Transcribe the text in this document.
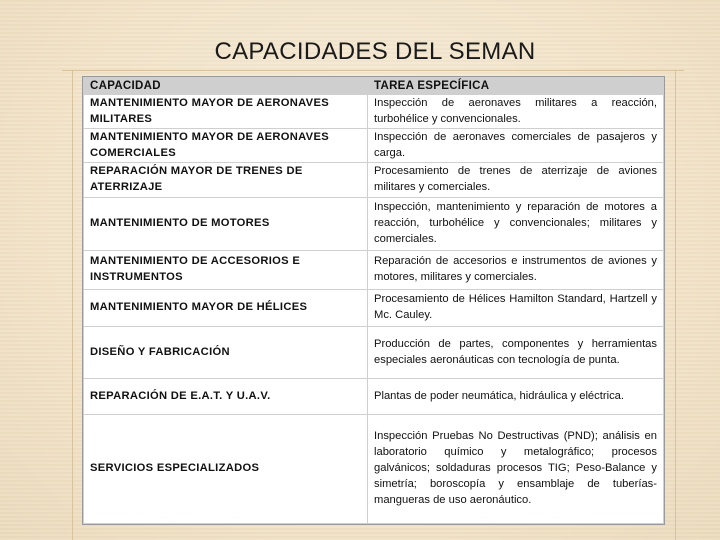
CAPACIDADES DEL SEMAN
CAPACIDAD	TAREA ESPECÍFICA
MANTENIMIENTO MAYOR DE AERONAVES MILITARES	Inspección de aeronaves militares a reacción, turbohélice y convencionales.
MANTENIMIENTO MAYOR DE AERONAVES COMERCIALES	Inspección de aeronaves comerciales de pasajeros y carga.
REPARACIÓN MAYOR DE TRENES DE ATERRIZAJE	Procesamiento de trenes de aterrizaje de aviones militares y comerciales.
MANTENIMIENTO DE MOTORES	Inspección, mantenimiento y reparación de motores a reacción, turbohélice y convencionales; militares y comerciales.
MANTENIMIENTO DE ACCESORIOS E INSTRUMENTOS	Reparación de accesorios e instrumentos de aviones y motores, militares y comerciales.
MANTENIMIENTO MAYOR DE HÉLICES	Procesamiento de Hélices Hamilton Standard, Hartzell y Mc. Cauley.
DISEÑO Y FABRICACIÓN	Producción de partes, componentes y herramientas especiales aeronáuticas con tecnología de punta.
REPARACIÓN DE E.A.T. Y U.A.V.	Plantas de poder neumática, hidráulica y eléctrica.
SERVICIOS ESPECIALIZADOS	Inspección Pruebas No Destructivas (PND); análisis en laboratorio químico y metalográfico; procesos galvánicos; soldaduras procesos TIG; Peso-Balance y simetría; boroscopía y ensamblaje de tuberías-mangueras de uso aeronáutico.
